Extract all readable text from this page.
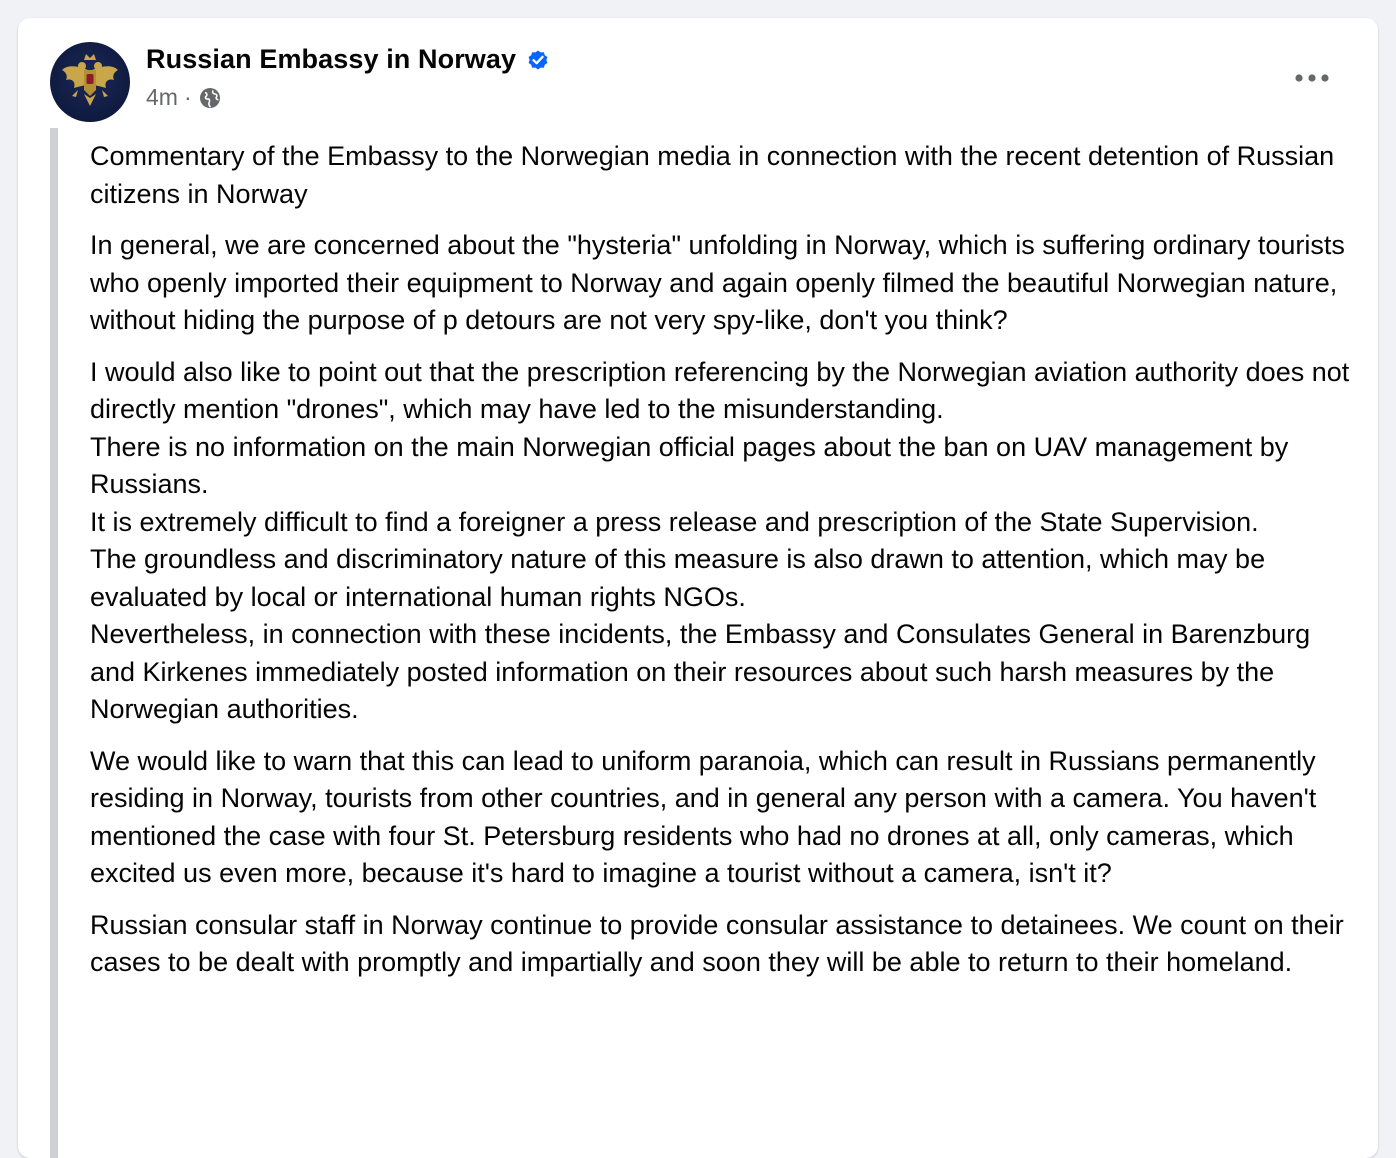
Russian Embassy in Norway
4m ·

Commentary of the Embassy to the Norwegian media in connection with the recent detention of Russian citizens in Norway

In general, we are concerned about the "hysteria" unfolding in Norway, which is suffering ordinary tourists who openly imported their equipment to Norway and again openly filmed the beautiful Norwegian nature, without hiding the purpose of p detours are not very spy-like, don't you think?

I would also like to point out that the prescription referencing by the Norwegian aviation authority does not directly mention "drones", which may have led to the misunderstanding.
There is no information on the main Norwegian official pages about the ban on UAV management by Russians.
It is extremely difficult to find a foreigner a press release and prescription of the State Supervision.
The groundless and discriminatory nature of this measure is also drawn to attention, which may be evaluated by local or international human rights NGOs.
Nevertheless, in connection with these incidents, the Embassy and Consulates General in Barenzburg and Kirkenes immediately posted information on their resources about such harsh measures by the Norwegian authorities.

We would like to warn that this can lead to uniform paranoia, which can result in Russians permanently residing in Norway, tourists from other countries, and in general any person with a camera. You haven't mentioned the case with four St. Petersburg residents who had no drones at all, only cameras, which excited us even more, because it's hard to imagine a tourist without a camera, isn't it?

Russian consular staff in Norway continue to provide consular assistance to detainees. We count on their cases to be dealt with promptly and impartially and soon they will be able to return to their homeland.
